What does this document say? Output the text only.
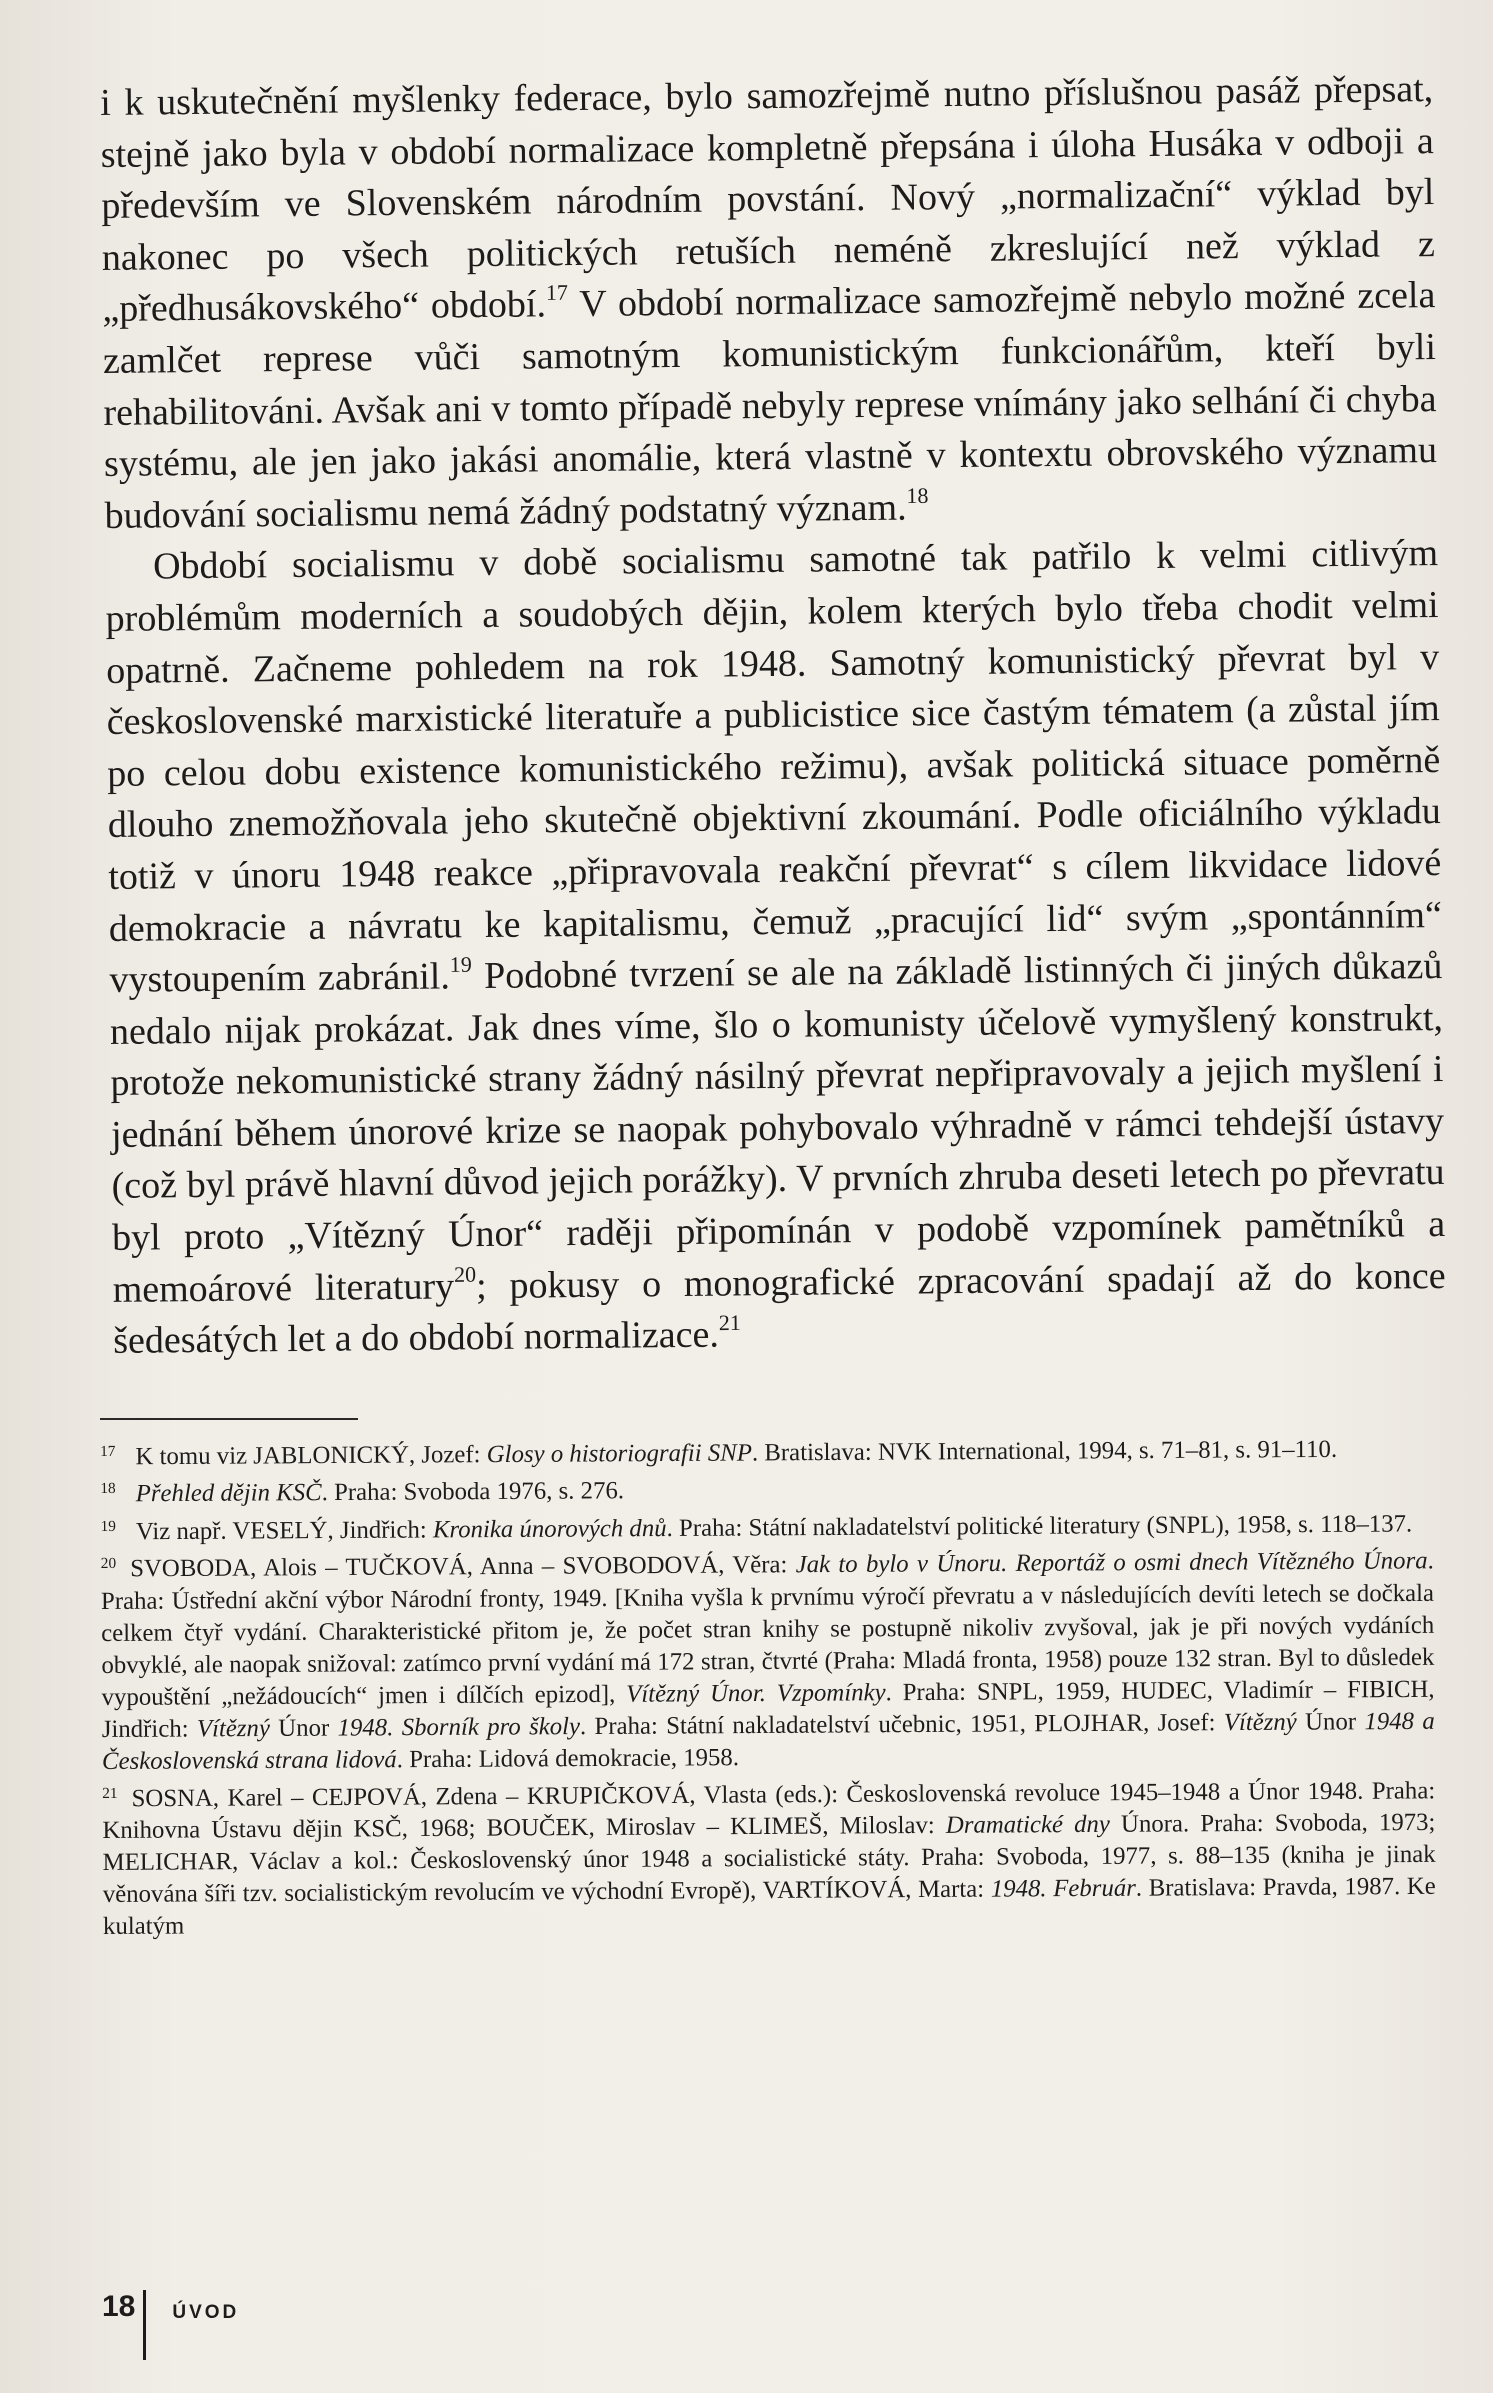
i k uskutečnění myšlenky federace, bylo samozřejmě nutno příslušnou pasáž přepsat, stejně jako byla v období normalizace kompletně přepsána i úloha Husáka v odboji a především ve Slovenském národním povstání. Nový „normalizační“ výklad byl nakonec po všech politických retuších neméně zkreslující než výklad z „předhusákovského“ období.$^{17}$ V období normalizace samozřejmě nebylo možné zcela zamlčet represe vůči samotným komunistickým funkcionářům, kteří byli rehabilitováni. Avšak ani v tomto případě nebyly represe vnímány jako selhání či chyba systému, ale jen jako jakási anomálie, která vlastně v kontextu obrovského významu budování socialismu nemá žádný podstatný význam.$^{18}$

Období socialismu v době socialismu samotné tak patřilo k velmi citlivým problémům moderních a soudobých dějin, kolem kterých bylo třeba chodit velmi opatrně. Začneme pohledem na rok 1948. Samotný komunistický převrat byl v československé marxistické literatuře a publicistice sice častým tématem (a zůstal jím po celou dobu existence komunistického režimu), avšak politická situace poměrně dlouho znemožňovala jeho skutečně objektivní zkoumání. Podle oficiálního výkladu totiž v únoru 1948 reakce „připravovala reakční převrat“ s cílem likvidace lidové demokracie a návratu ke kapitalismu, čemuž „pracující lid“ svým „spontánním“ vystoupením zabránil.$^{19}$ Podobné tvrzení se ale na základě listinných či jiných důkazů nedalo nijak prokázat. Jak dnes víme, šlo o komunisty účelově vymyšlený konstrukt, protože nekomunistické strany žádný násilný převrat nepřipravovaly a jejich myšlení i jednání během únorové krize se naopak pohybovalo výhradně v rámci tehdejší ústavy (což byl právě hlavní důvod jejich porážky). V prvních zhruba deseti letech po převratu byl proto „Vítězný Únor“ raději připomínán v podobě vzpomínek pamětníků a memoárové literatury$^{20}$; pokusy o monografické zpracování spadají až do konce šedesátých let a do období normalizace.$^{21}$

$^{17}$ K tomu viz JABLONICKÝ, Jozef: Glosy o historiografii SNP. Bratislava: NVK International, 1994, s. 71–81, s. 91–110.

$^{18}$ Přehled dějin KSČ. Praha: Svoboda 1976, s. 276.

$^{19}$ Viz např. VESELÝ, Jindřich: Kronika únorových dnů. Praha: Státní nakladatelství politické literatury (SNPL), 1958, s. 118–137.

$^{20}$ SVOBODA, Alois – TUČKOVÁ, Anna – SVOBODOVÁ, Věra: Jak to bylo v Únoru. Reportáž o osmi dnech Vítězného Února. Praha: Ústřední akční výbor Národní fronty, 1949. [Kniha vyšla k prvnímu výročí převratu a v následujících devíti letech se dočkala celkem čtyř vydání. Charakteristické přitom je, že počet stran knihy se postupně nikoliv zvyšoval, jak je při nových vydáních obvyklé, ale naopak snižoval: zatímco první vydání má 172 stran, čtvrté (Praha: Mladá fronta, 1958) pouze 132 stran. Byl to důsledek vypouštění „nežádoucích“ jmen i dílčích epizod], Vítězný Únor. Vzpomínky. Praha: SNPL, 1959, HUDEC, Vladimír – FIBICH, Jindřich: Vítězný Únor 1948. Sborník pro školy. Praha: Státní nakladatelství učebnic, 1951, PLOJHAR, Josef: Vítězný Únor 1948 a Československá strana lidová. Praha: Lidová demokracie, 1958.

$^{21}$ SOSNA, Karel – CEJPOVÁ, Zdena – KRUPIČKOVÁ, Vlasta (eds.): Československá revoluce 1945–1948 a Únor 1948. Praha: Knihovna Ústavu dějin KSČ, 1968; BOUČEK, Miroslav – KLIMEŠ, Miloslav: Dramatické dny Února. Praha: Svoboda, 1973; MELICHAR, Václav a kol.: Československý únor 1948 a socialistické státy. Praha: Svoboda, 1977, s. 88–135 (kniha je jinak věnována šíři tzv. socialistickým revolucím ve východní Evropě), VARTÍKOVÁ, Marta: 1948. Február. Bratislava: Pravda, 1987. Ke kulatým

18 ÚVOD
